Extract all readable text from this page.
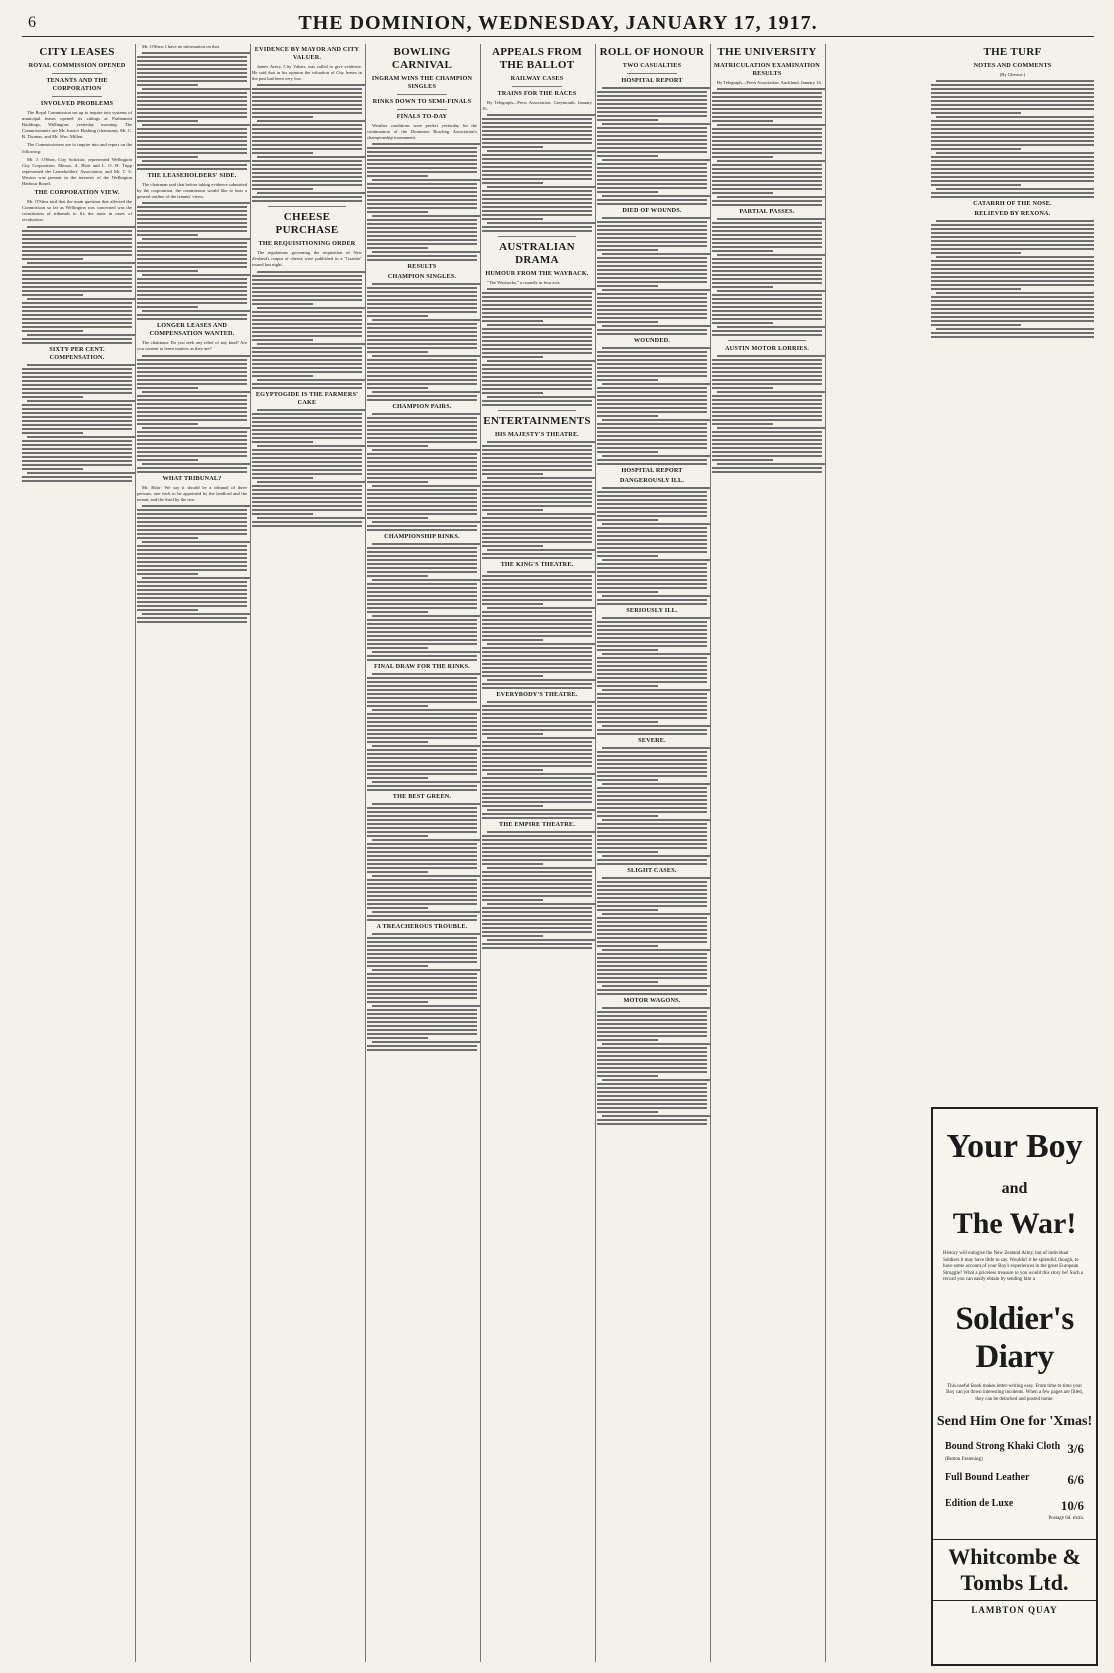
6	THE DOMINION, WEDNESDAY, JANUARY 17, 1917.
CITY LEASES
ROYAL COMMISSION OPENED
TENANTS AND THE CORPORATION
INVOLVED PROBLEMS
The Royal Commission set up to inquire into systems of municipal leases opened its sittings at Parliament Buildings, Wellington, yesterday morning. The Commissioners are Mr. Justice Hosking (chairman), Mr. C. B. Thomas, and Mr. Wm. Millen.
The Commissioners are to inquire into and report on the following:
Mr. J. O'Shea, City Solicitor, represented Wellington City Corporation. Messrs. A. Blair and L. O. H. Tripp represented the Leaseholders' Association, and Mr. T. S. Weston was present in the interests of the Wellington Harbour Board.
THE CORPORATION VIEW.
Mr. O'Shea said that the main question that affected the Commission so far as Wellington was concerned was the constitution of tribunals to fix the rents in cases of revaluation.
SIXTY PER CENT. COMPENSATION.
Mr. O'Shea: I have no information on that.
THE LEASEHOLDERS' SIDE.
The chairman said that before taking evidence submitted by the corporation, the commission would like to hear a general outline of the tenants' views.
LONGER LEASES AND COMPENSATION WANTED.
The chairman: Do you seek any relief of any kind? Are you content to leave matters as they are?
WHAT TRIBUNAL?
Mr. Blair: We say it should be a tribunal of three persons, one each to be appointed by the landlord and the tenant, and the third by the two.
EVIDENCE BY MAYOR AND CITY VALUER.
James Avery, City Valuer, was called to give evidence. He said that in his opinion the valuation of City leases in the past had been very low.
CHEESE PURCHASE
THE REQUISITIONING ORDER
The regulations governing the requisition of New Zealand's output of cheese were published in a "Gazette" issued last night.
EGYPTOGIDE IS THE FARMERS' CAKE
BOWLING CARNIVAL
INGRAM WINS THE CHAMPION SINGLES
RINKS DOWN TO SEMI-FINALS
FINALS TO-DAY
Weather conditions were perfect yesterday for the continuation of the Dominion Bowling Association's championship tournament.
RESULTS
CHAMPION SINGLES.
CHAMPION PAIRS.
CHAMPIONSHIP RINKS.
FINAL DRAW FOR THE RINKS.
THE BEST GREEN.
A TREACHEROUS TROUBLE.
APPEALS FROM THE BALLOT
RAILWAY CASES
TRAINS FOR THE RACES
By Telegraph—Press Association. Greymouth, January 16.
AUSTRALIAN DRAMA
HUMOUR FROM THE WAYBACK.
"The Waybacks," a comedy in four acts.
ENTERTAINMENTS
HIS MAJESTY'S THEATRE.
THE KING'S THEATRE.
EVERYBODY'S THEATRE.
THE EMPIRE THEATRE.
ROLL OF HONOUR
TWO CASUALTIES
HOSPITAL REPORT
DIED OF WOUNDS.
WOUNDED.
HOSPITAL REPORT
DANGEROUSLY ILL.
SERIOUSLY ILL.
SEVERE.
SLIGHT CASES.
MOTOR WAGONS.
THE UNIVERSITY
MATRICULATION EXAMINATION RESULTS
By Telegraph—Press Association. Auckland, January 16.
PARTIAL PASSES.
AUSTIN MOTOR LORRIES.
THE TURF
NOTES AND COMMENTS
(By Glenroe.)
CATARRH OF THE NOSE.
RELIEVED BY REXONA.
Your Boy and
The War!
History will eulogise the New Zealand Army, but of individual Soldiers it may have little to say. Wouldn't it be splendid, though, to have some account of your Boy's experiences in the great European Struggle? What a priceless treasure to you would this story be! Such a record you can easily obtain by sending him a
Soldier's Diary
This useful Book makes letter-writing easy. From time to time your Boy can jot down interesting incidents. When a few pages are filled, they can be detached and posted home.
Send Him One for 'Xmas!
Bound Strong Khaki Cloth 3/6
(Button Fastening)
Full Bound Leather	6/6
Edition de Luxe	10/6
Postage 6d. extra.
Whitcombe & Tombs Ltd.
LAMBTON QUAY
